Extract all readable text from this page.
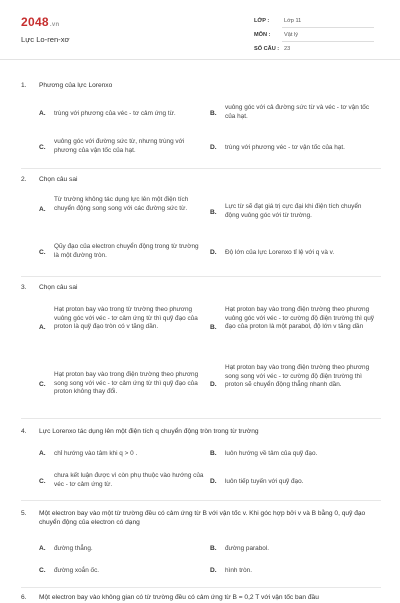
2048.vn
Lực Lo-ren-xơ
LỚP :	Lớp 11
MÔN : Vật lý
SỐ CÂU : 23
1. Phương của lực Lorenxo
A. trùng với phương của véc - tơ cảm ứng từ.	B.
vuông góc với cả đường sức từ và véc - tơ vận tốc của hạt.
C.
vuông góc với đường sức từ, nhưng trùng với phương của vận tốc của hạt.	D. trùng với phương véc - tơ vận tốc của hạt.
2. Chọn câu sai
A.
Từ trường không tác dụng lực lên một điện tích chuyển động song song với các đường sức từ.
B.
Lực từ sẽ đạt giá trị cực đại khi điện tích chuyển động vuông góc với từ trường.
C.
Qũy đạo của electron chuyển động trong từ trường là một đường tròn.	D. Độ lớn của lực Lorenxo tỉ lệ với q và v.
3. Chọn câu sai
A.
Hạt proton bay vào trong từ trường theo phương vuông góc với véc - tơ cảm ứng từ thì quỹ đạo của proton là quỹ đạo tròn có v tăng dần.	B.
Hạt proton bay vào trong điện trường theo phương vuông góc với véc - tơ cường độ điện trường thì quỹ đạo của proton là một parabol, độ lớn v tăng dần
C.
Hạt proton bay vào trong điện trường theo phương song song với véc - tơ cảm ứng từ thì quỹ đạo của proton không thay đổi.
D.
Hạt proton bay vào trong điện trường theo phương song song với véc - tơ cường độ điện trường thì proton sẽ chuyển động thẳng nhanh dần.
4. Lực Lorenxo tác dụng lên một điện tích q chuyển động tròn trong từ trường
A. chỉ hướng vào tâm khi q > 0 .	B. luôn hướng về tâm của quỹ đạo.
C.
chưa kết luận được vì còn phụ thuộc vào hướng của véc - tơ cảm ứng từ.	D. luôn tiếp tuyến với quỹ đạo.
5. Một electron bay vào một từ trường đều có cảm ứng từ B với vận tốc v. Khi góc hợp bởi v và B bằng 0, quỹ đạo chuyển động của electron có dạng
A. đường thẳng.	B. đường parabol.
C. đường xoắn ốc.	D. hình tròn.
6. Một electron bay vào không gian có từ trường đều có cảm ứng từ B = 0,2 T với vận tốc ban đầu
